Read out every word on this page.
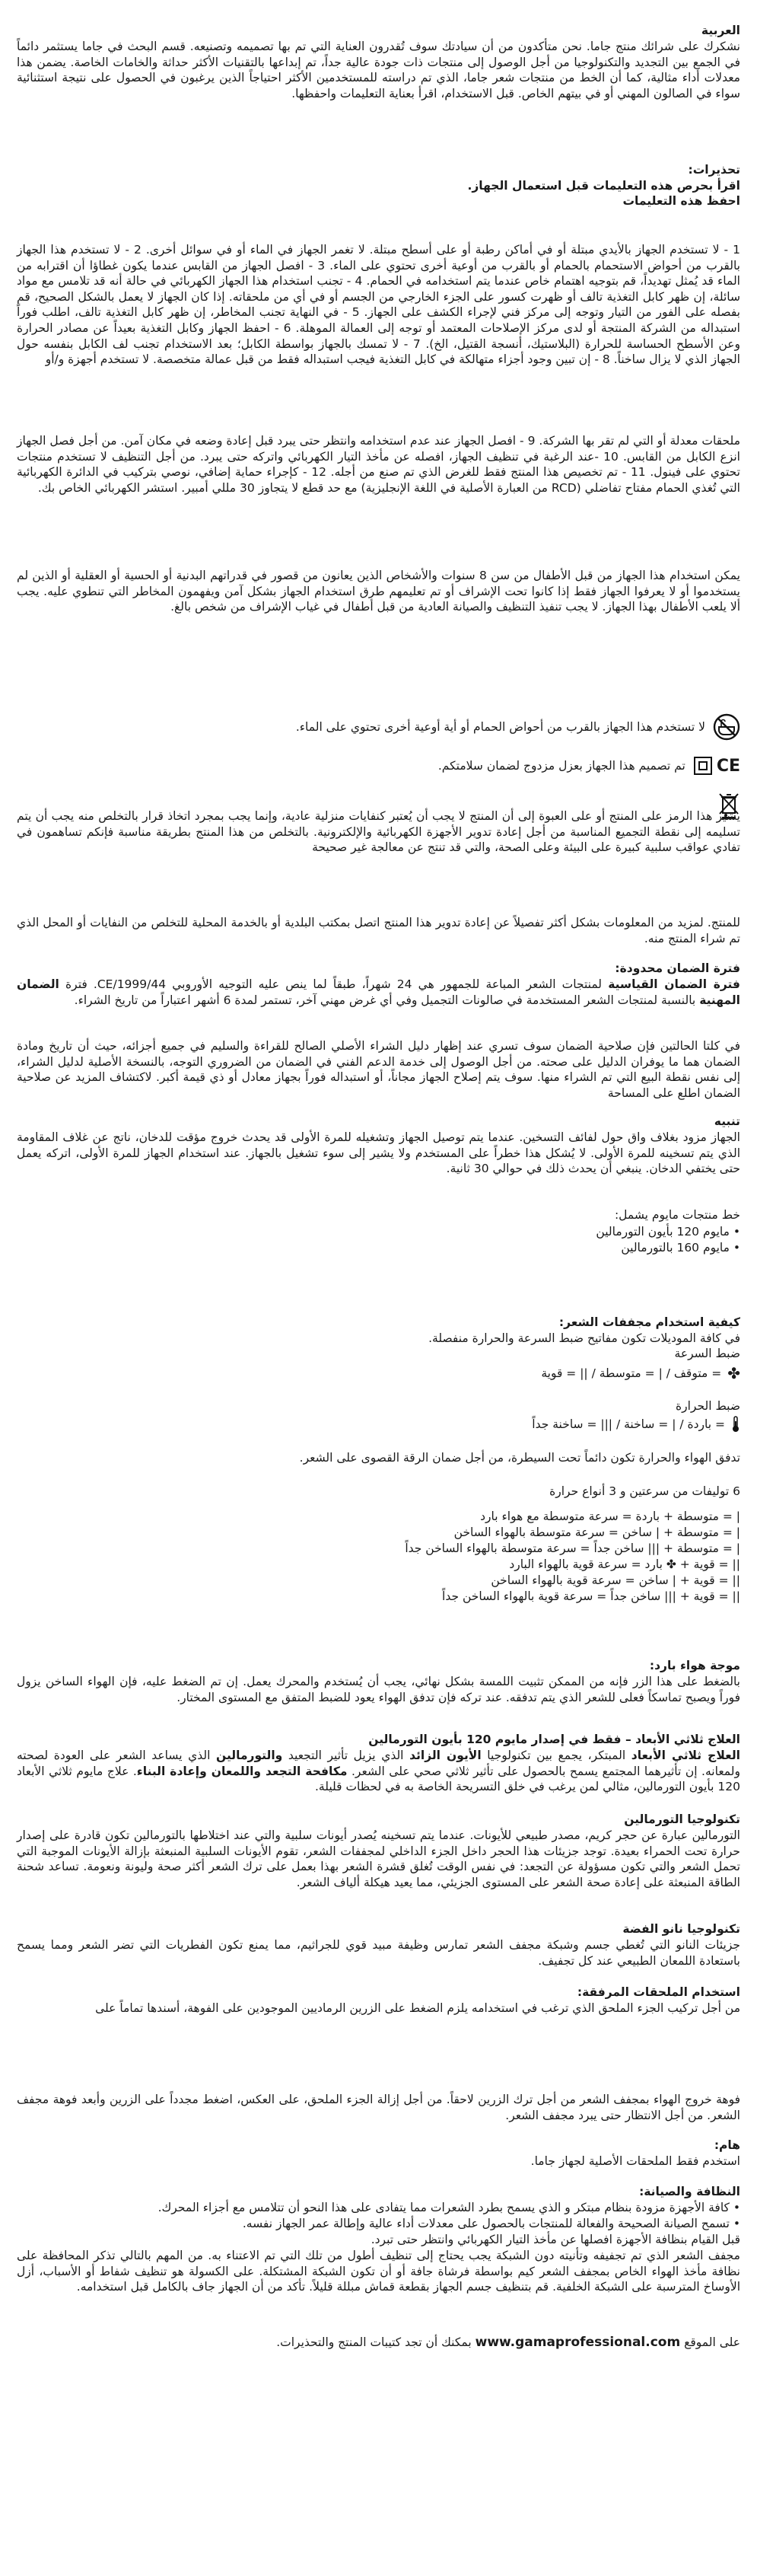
العربية

نشكرك على شرائك منتج جاما. نحن متأكدون من أن سيادتك سوف تُقدرون العناية التي تم بها تصميمه وتصنيعه. قسم البحث في جاما يستثمر دائماً في الجمع بين التجديد والتكنولوجيا من أجل الوصول إلى منتجات ذات جودة عالية جداً، تم إبداعها بالتقنيات الأكثر حداثة والخامات الخاصة. يضمن هذا معدلات أداء مثالية، كما أن الخط من منتجات شعر جاما، الذي تم دراسته للمستخدمين الأكثر احتياجاً الذين يرغبون في الحصول على نتيجة استثنائية سواء في الصالون المهني أو في بيتهم الخاص. قبل الاستخدام، اقرأ بعناية التعليمات واحفظها.

تحذيرات:
اقرأ بحرص هذه التعليمات قبل استعمال الجهاز.
احفظ هذه التعليمات

1 - لا تستخدم الجهاز بالأيدي مبتلة أو في أماكن رطبة أو على أسطح مبتلة. لا تغمر الجهاز في الماء أو في سوائل أخرى. 2 - لا تستخدم هذا الجهاز بالقرب من أحواض الاستحمام بالحمام أو بالقرب من أوعية أخرى تحتوي على الماء. 3 - افصل الجهاز من القابس عندما يكون غطاؤا أن اقترابه من الماء قد يُمثل تهديداً، قم بتوجيه اهتمام خاص عندما يتم استخدامه في الحمام. 4 - تجنب استخدام هذا الجهاز الكهربائي في حالة أنه قد تلامس مع مواد سائلة، إن ظهر كابل التغذية تالف أو ظهرت كسور على الجزء الخارجي من الجسم أو في أي من ملحقاته. إذا كان الجهاز لا يعمل بالشكل الصحيح، قم بفصله على الفور من التيار وتوجه إلى مركز فني لإجراء الكشف على الجهاز. 5 - في النهاية تجنب المخاطر، إن ظهر كابل التغذية تالف، اطلب فوراً استبداله من الشركة المنتجة أو لدى مركز الإصلاحات المعتمد أو توجه إلى العمالة الموهلة. 6 - احفظ الجهاز وكابل التغذية بعيداً عن مصادر الحرارة وعن الأسطح الحساسة للحرارة (البلاستيك، أنسجة القتيل، الخ). 7 - لا تمسك بالجهاز بواسطة الكابل؛ بعد الاستخدام تجنب لف الكابل بنفسه حول الجهاز الذي لا يزال ساخناً. 8 - إن تبين وجود أجزاء متهالكة في كابل التغذية فيجب استبداله فقط من قبل عمالة متخصصة. لا تستخدم أجهزة و/أو

ملحقات معدلة أو التي لم تقر بها الشركة. 9 - افصل الجهاز عند عدم استخدامه وانتظر حتى يبرد قبل إعادة وضعه في مكان آمن. من أجل فصل الجهاز انزع الكابل من القابس. 10 -عند الرغبة في تنظيف الجهاز، افصله عن مأخذ التيار الكهربائي واتركه حتى يبرد. من أجل التنظيف لا تستخدم منتجات تحتوي على فينول. 11 - تم تخصيص هذا المنتج فقط للغرض الذي تم صنع من أجله. 12 - كإجراء حماية إضافي، نوصي بتركيب في الدائرة الكهربائية التي تُغذي الحمام مفتاح تفاضلي (RCD من العبارة الأصلية في اللغة الإنجليزية) مع حد قطع لا يتجاوز 30 مللي أمبير. استشر الكهربائي الخاص بك.

يمكن استخدام هذا الجهاز من قبل الأطفال من سن 8 سنوات والأشخاص الذين يعانون من قصور في قدراتهم البدنية أو الحسية أو العقلية أو الذين لم يستخدموا أو لا يعرفوا الجهاز فقط إذا كانوا تحت الإشراف أو تم تعليمهم طرق استخدام الجهاز بشكل آمن ويفهمون المخاطر التي تنطوي عليه. يجب ألا يلعب الأطفال بهذا الجهاز. لا يجب تنفيذ التنظيف والصيانة العادية من قبل أطفال في غياب الإشراف من شخص بالغ.

لا تستخدم هذا الجهاز بالقرب من أحواض الحمام أو أية أوعية أخرى تحتوي على الماء.
CE
تم تصميم هذا الجهاز بعزل مزدوج لضمان سلامتكم.

يشير هذا الرمز على المنتج أو على العبوة إلى أن المنتج لا يجب أن يُعتبر كنفايات منزلية عادية، وإنما يجب بمجرد اتخاذ قرار بالتخلص منه يجب أن يتم تسليمه إلى نقطة التجميع المناسبة من أجل إعادة تدوير الأجهزة الكهربائية والإلكترونية. بالتخلص من هذا المنتج بطريقة مناسبة فإنكم تساهمون في تفادي عواقب سلبية كبيرة على البيئة وعلى الصحة، والتي قد تنتج عن معالجة غير صحيحة

للمنتج. لمزيد من المعلومات بشكل أكثر تفصيلاً عن إعادة تدوير هذا المنتج اتصل بمكتب البلدية أو بالخدمة المحلية للتخلص من النفايات أو المحل الذي تم شراء المنتج منه.

فترة الضمان محدودة:

فترة الضمان القياسية لمنتجات الشعر المباعة للجمهور هي 24 شهراً، طبقاً لما ينص عليه التوجيه الأوروبي CE/1999/44. فترة الضمان المهنية بالنسبة لمنتجات الشعر المستخدمة في صالونات التجميل وفي أي غرض مهني آخر، تستمر لمدة 6 أشهر اعتباراً من تاريخ الشراء.

في كلتا الحالتين فإن صلاحية الضمان سوف تسري عند إظهار دليل الشراء الأصلي الصالح للقراءة والسليم في جميع أجزائه، حيث أن تاريخ ومادة الضمان هما ما يوفران الدليل على صحته. من أجل الوصول إلى خدمة الدعم الفني في الضمان من الضروري التوجه، بالنسخة الأصلية لدليل الشراء، إلى نفس نقطة البيع التي تم الشراء منها. سوف يتم إصلاح الجهاز مجاناً، أو استبداله فوراً بجهاز معادل أو ذي قيمة أكبر. لاكتشاف المزيد عن صلاحية الضمان اطلع على المساحة

تنبيه

الجهاز مزود بغلاف واق حول لفائف التسخين. عندما يتم توصيل الجهاز وتشغيله للمرة الأولى قد يحدث خروج مؤقت للدخان، ناتج عن غلاف المقاومة الذي يتم تسخينه للمرة الأولى. لا يُشكل هذا خطراً على المستخدم ولا يشير إلى سوء تشغيل بالجهاز. عند استخدام الجهاز للمرة الأولى، اتركه يعمل حتى يختفي الدخان. ينبغي أن يحدث ذلك في حوالي 30 ثانية.

خط منتجات مايوم يشمل:
• مايوم 120 بأيون التورمالين
• مايوم 160 بالتورمالين
كيفية استخدام مجففات الشعر:
في كافة الموديلات تكون مفاتيح ضبط السرعة والحرارة منفصلة.
ضبط السرعة
✤
= متوقف / | = متوسطة / || = قوية
ضبط الحرارة
= باردة / | = ساخنة / ||| = ساخنة جداً
تدفق الهواء والحرارة تكون دائماً تحت السيطرة، من أجل ضمان الرقة القصوى على الشعر.
6 توليفات من سرعتين و 3 أنواع حرارة
| = متوسطة + باردة = سرعة متوسطة مع هواء بارد
| = متوسطة + | ساخن = سرعة متوسطة بالهواء الساخن
| = متوسطة + ||| ساخن جداً = سرعة متوسطة بالهواء الساخن جداً
|| = قوية + ✤ بارد = سرعة قوية بالهواء البارد
|| = قوية + | ساخن = سرعة قوية بالهواء الساخن
|| = قوية + ||| ساخن جداً = سرعة قوية بالهواء الساخن جداً
موجة هواء بارد:

بالضغط على هذا الزر فإنه من الممكن تثبيت اللمسة بشكل نهائي، يجب أن يُستخدم والمحرك يعمل. إن تم الضغط عليه، فإن الهواء الساخن يزول فوراً ويصبح تماسكاً فعلى للشعر الذي يتم تدفقه. عند تركه فإن تدفق الهواء يعود للضبط المتفق مع المستوى المختار.

العلاج ثلاثي الأبعاد – فقط في إصدار مايوم 120 بأيون التورمالين

العلاج ثلاثي الأبعاد المبتكر، يجمع بين تكنولوجيا الأيون الزائد الذي يزيل تأثير التجعيد والتورمالين الذي يساعد الشعر على العودة لصحته ولمعانه. إن تأثيرهما المجتمع يسمح بالحصول على تأثير ثلاثي صحي على الشعر. مكافحة التجعد واللمعان وإعادة البناء. علاج مايوم ثلاثي الأبعاد 120 بأيون التورمالين، مثالي لمن يرغب في خلق التسريحة الخاصة به في لحظات قليلة.

تكنولوجيا التورمالين

التورمالين عبارة عن حجر كريم، مصدر طبيعي للأيونات. عندما يتم تسخينه يُصدر أيونات سلبية والتي عند اختلاطها بالتورمالين تكون قادرة على إصدار حرارة تحت الحمراء بعيدة. توجد جزيئات هذا الحجر داخل الجزء الداخلي لمجففات الشعر، تقوم الأيونات السلبية المنبعثة بإزالة الأيونات الموجبة التي تحمل الشعر والتي تكون مسؤولة عن التجعد: في نفس الوقت تُغلق قشرة الشعر بهذا بعمل على ترك الشعر أكثر صحة وليونة ونعومة. تساعد شحنة الطاقة المنبعثة على إعادة صحة الشعر على المستوى الجزيئي، مما يعيد هيكلة ألياف الشعر.

تكنولوجيا نانو الفضة

جزيئات النانو التي تُغطي جسم وشبكة مجفف الشعر تمارس وظيفة مبيد قوي للجراثيم، مما يمنع تكون الفطريات التي تضر الشعر ومما يسمح باستعادة اللمعان الطبيعي عند كل تجفيف.

استخدام الملحقات المرفقة:

من أجل تركيب الجزء الملحق الذي ترغب في استخدامه يلزم الضغط على الزرين الرماديين الموجودين على الفوهة، أسندها تماماً على

فوهة خروج الهواء بمجفف الشعر من أجل ترك الزرين لاحقاً. من أجل إزالة الجزء الملحق، على العكس، اضغط مجدداً على الزرين وأبعد فوهة مجفف الشعر. من أجل الانتظار حتى يبرد مجفف الشعر.

هام:
استخدم فقط الملحقات الأصلية لجهاز جاما.
النظافة والصيانة:
• كافة الأجهزة مزودة بنظام مبتكر و الذي يسمح بطرد الشعرات مما يتفادى على هذا النحو أن تتلامس مع أجزاء المحرك.
• تسمح الصيانة الصحيحة والفعالة للمنتجات بالحصول على معدلات أداء عالية وإطالة عمر الجهاز نفسه.
قبل القيام بنظافة الأجهزة افصلها عن مأخذ التيار الكهربائي وانتظر حتى تبرد.

مجفف الشعر الذي تم تجفيفه وتأنيته دون الشبكة يجب يحتاج إلى تنظيف أطول من تلك التي تم الاعتناء به. من المهم بالتالي تذكر المحافظة على نظافة مأخذ الهواء الخاص بمجفف الشعر كيم بواسطة فرشاة جافة أو أن تكون الشبكة المشتكلة. على الكسولة هو تنظيف شفاط أو الأسباب، أزل الأوساخ المترسبة على الشبكة الخلفية. قم بتنظيف جسم الجهاز بقطعة قماش مبللة قليلاً. تأكد من أن الجهاز جاف بالكامل قبل استخدامه.

على الموقع www.gamaprofessional.com بمكنك أن تجد كتيبات المنتج والتحذيرات.
